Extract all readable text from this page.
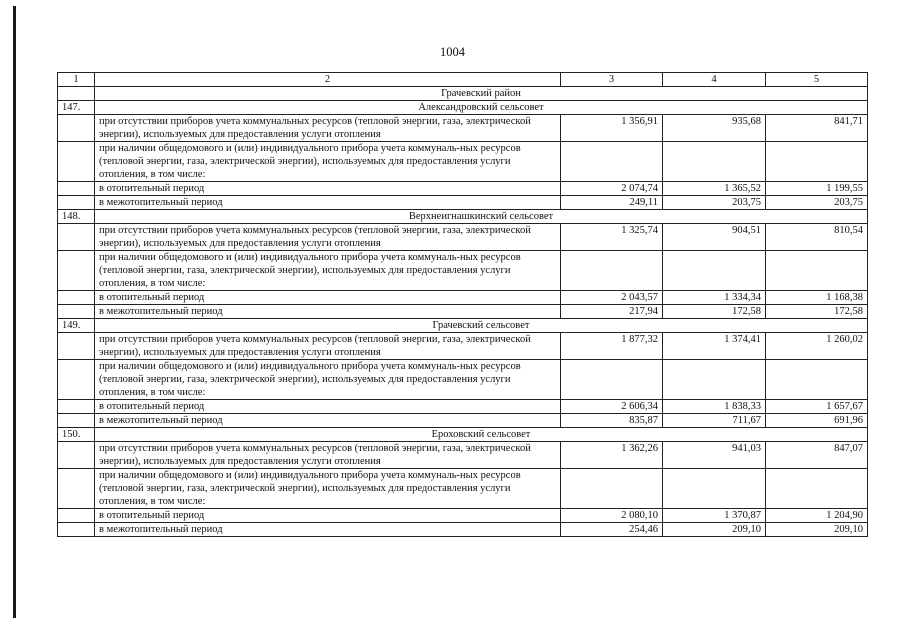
1004
1	2	3	4	5
	Грачевский район			
147.	Александровский сельсовет			
	при отсутствии приборов учета коммунальных ресурсов (тепловой энергии, газа, электрической энергии), используемых для предоставления услуги отопления	1 356,91	935,68	841,71
	при наличии общедомового и (или) индивидуального прибора учета коммуналь-ных ресурсов (тепловой энергии, газа, электрической энергии), используемых для предоставления услуги отопления, в том числе:			
	в отопительный период	2 074,74	1 365,52	1 199,55
	в межотопительный период	249,11	203,75	203,75
148.	Верхнеигнашкинский сельсовет			
	при отсутствии приборов учета коммунальных ресурсов (тепловой энергии, газа, электрической энергии), используемых для предоставления услуги отопления	1 325,74	904,51	810,54
	при наличии общедомового и (или) индивидуального прибора учета коммуналь-ных ресурсов (тепловой энергии, газа, электрической энергии), используемых для предоставления услуги отопления, в том числе:			
	в отопительный период	2 043,57	1 334,34	1 168,38
	в межотопительный период	217,94	172,58	172,58
149.	Грачевский сельсовет			
	при отсутствии приборов учета коммунальных ресурсов (тепловой энергии, газа, электрической энергии), используемых для предоставления услуги отопления	1 877,32	1 374,41	1 260,02
	при наличии общедомового и (или) индивидуального прибора учета коммуналь-ных ресурсов (тепловой энергии, газа, электрической энергии), используемых для предоставления услуги отопления, в том числе:			
	в отопительный период	2 606,34	1 838,33	1 657,67
	в межотопительный период	835,87	711,67	691,96
150.	Ероховский сельсовет			
	при отсутствии приборов учета коммунальных ресурсов (тепловой энергии, газа, электрической энергии), используемых для предоставления услуги отопления	1 362,26	941,03	847,07
	при наличии общедомового и (или) индивидуального прибора учета коммуналь-ных ресурсов (тепловой энергии, газа, электрической энергии), используемых для предоставления услуги отопления, в том числе:			
	в отопительный период	2 080,10	1 370,87	1 204,90
	в межотопительный период	254,46	209,10	209,10
